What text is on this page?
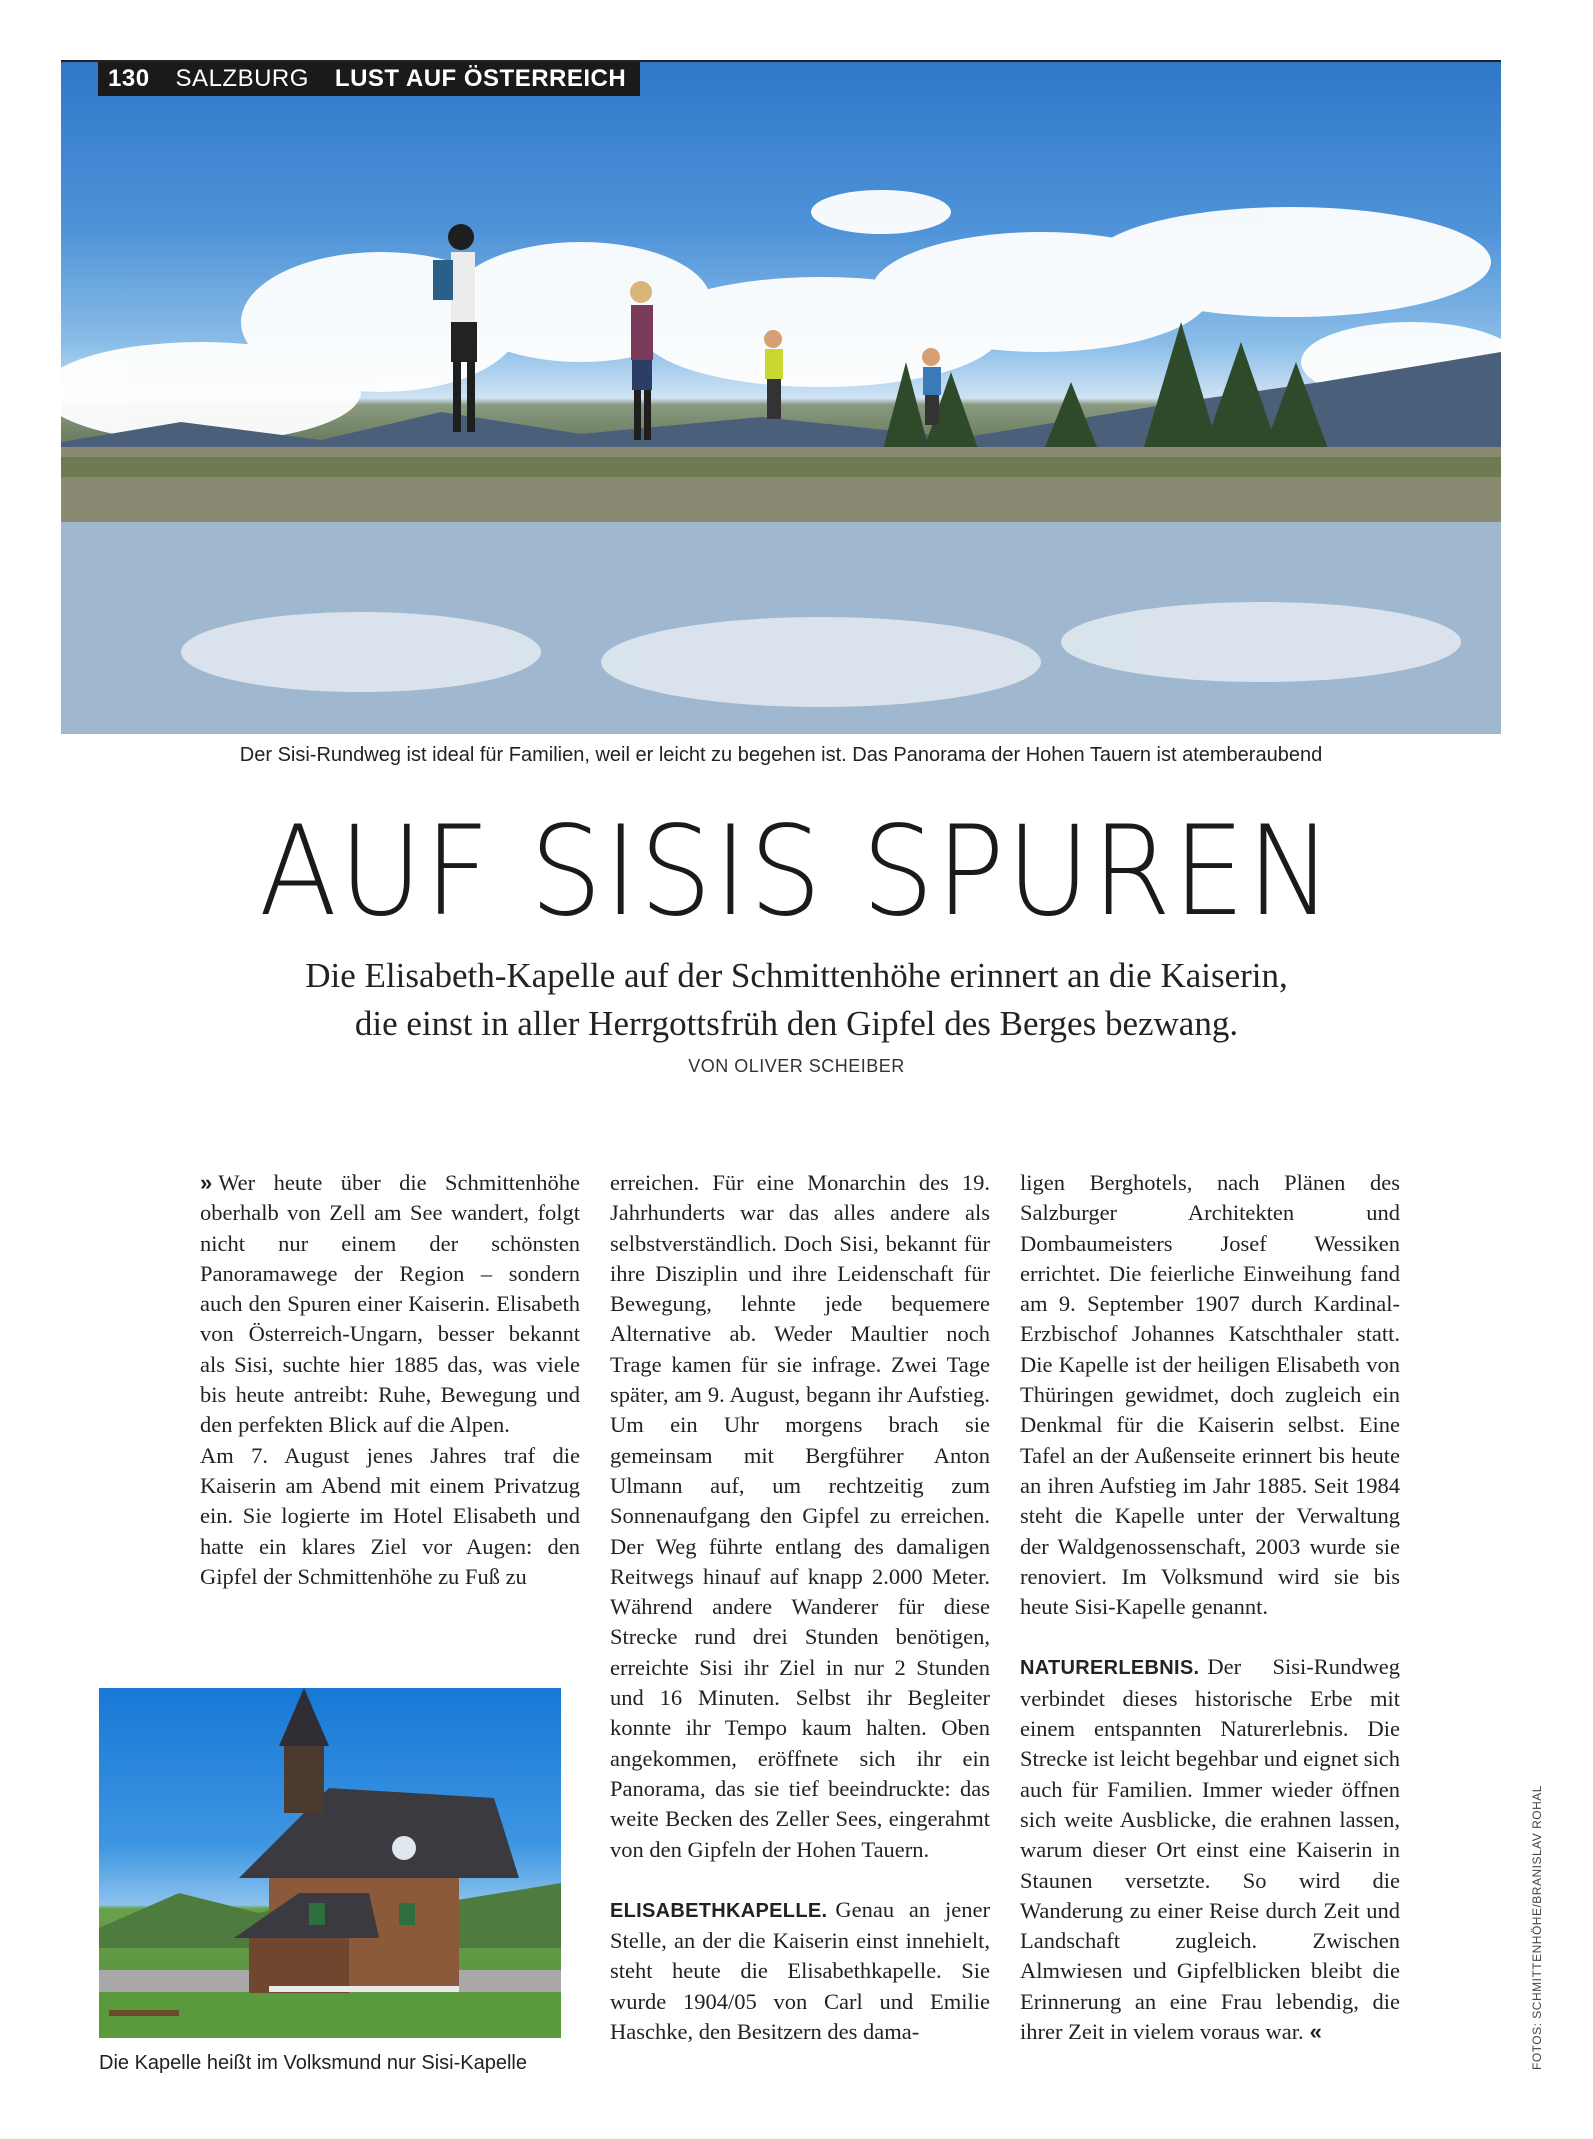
130 SALZBURG LUST AUF ÖSTERREICH
Der Sisi-Rundweg ist ideal für Familien, weil er leicht zu begehen ist. Das Panorama der Hohen Tauern ist atemberaubend
AUF SISIS SPUREN
Die Elisabeth-Kapelle auf der Schmittenhöhe erinnert an die Kaiserin,
die einst in aller Herrgottsfrüh den Gipfel des Berges bezwang.
VON OLIVER SCHEIBER

» Wer heute über die Schmittenhöhe oberhalb von Zell am See wandert, folgt nicht nur einem der schönsten Panoramawege der Region – sondern auch den Spuren einer Kaiserin. Elisabeth von Österreich-Ungarn, besser bekannt als Sisi, suchte hier 1885 das, was viele bis heute antreibt: Ruhe, Bewegung und den perfekten Blick auf die Alpen.

Am 7. August jenes Jahres traf die Kaiserin am Abend mit einem Privatzug ein. Sie logierte im Hotel Elisabeth und hatte ein klares Ziel vor Augen: den Gipfel der Schmittenhöhe zu Fuß zu

Die Kapelle heißt im Volksmund nur Sisi-Kapelle

erreichen. Für eine Monarchin des 19. Jahrhunderts war das alles andere als selbstverständlich. Doch Sisi, bekannt für ihre Disziplin und ihre Leidenschaft für Bewegung, lehnte jede bequemere Alternative ab. Weder Maultier noch Trage kamen für sie infrage. Zwei Tage später, am 9. August, begann ihr Aufstieg. Um ein Uhr morgens brach sie gemeinsam mit Bergführer Anton Ulmann auf, um rechtzeitig zum Sonnenaufgang den Gipfel zu erreichen. Der Weg führte entlang des damaligen Reitwegs hinauf auf knapp 2.000 Meter. Während andere Wanderer für diese Strecke rund drei Stunden benötigen, erreichte Sisi ihr Ziel in nur 2 Stunden und 16 Minuten. Selbst ihr Begleiter konnte ihr Tempo kaum halten. Oben angekommen, eröffnete sich ihr ein Panorama, das sie tief beeindruckte: das weite Becken des Zeller Sees, eingerahmt von den Gipfeln der Hohen Tauern.

ELISABETHKAPELLE. Genau an jener Stelle, an der die Kaiserin einst innehielt, steht heute die Elisabethkapelle. Sie wurde 1904/05 von Carl und Emilie Haschke, den Besitzern des dama-

ligen Berghotels, nach Plänen des Salzburger Architekten und Dombaumeisters Josef Wessiken errichtet. Die feierliche Einweihung fand am 9. September 1907 durch Kardinal-Erzbischof Johannes Katschthaler statt. Die Kapelle ist der heiligen Elisabeth von Thüringen gewidmet, doch zugleich ein Denkmal für die Kaiserin selbst. Eine Tafel an der Außenseite erinnert bis heute an ihren Aufstieg im Jahr 1885. Seit 1984 steht die Kapelle unter der Verwaltung der Waldgenossenschaft, 2003 wurde sie renoviert. Im Volksmund wird sie bis heute Sisi-Kapelle genannt.

NATURERLEBNIS. Der Sisi-Rundweg verbindet dieses historische Erbe mit einem entspannten Naturerlebnis. Die Strecke ist leicht begehbar und eignet sich auch für Familien. Immer wieder öffnen sich weite Ausblicke, die erahnen lassen, warum dieser Ort einst eine Kaiserin in Staunen versetzte. So wird die Wanderung zu einer Reise durch Zeit und Landschaft zugleich. Zwischen Almwiesen und Gipfelblicken bleibt die Erinnerung an eine Frau lebendig, die ihrer Zeit in vielem voraus war. «	FOTOS: SCHMITTENHÖHE/BRANISLAV ROHAL
